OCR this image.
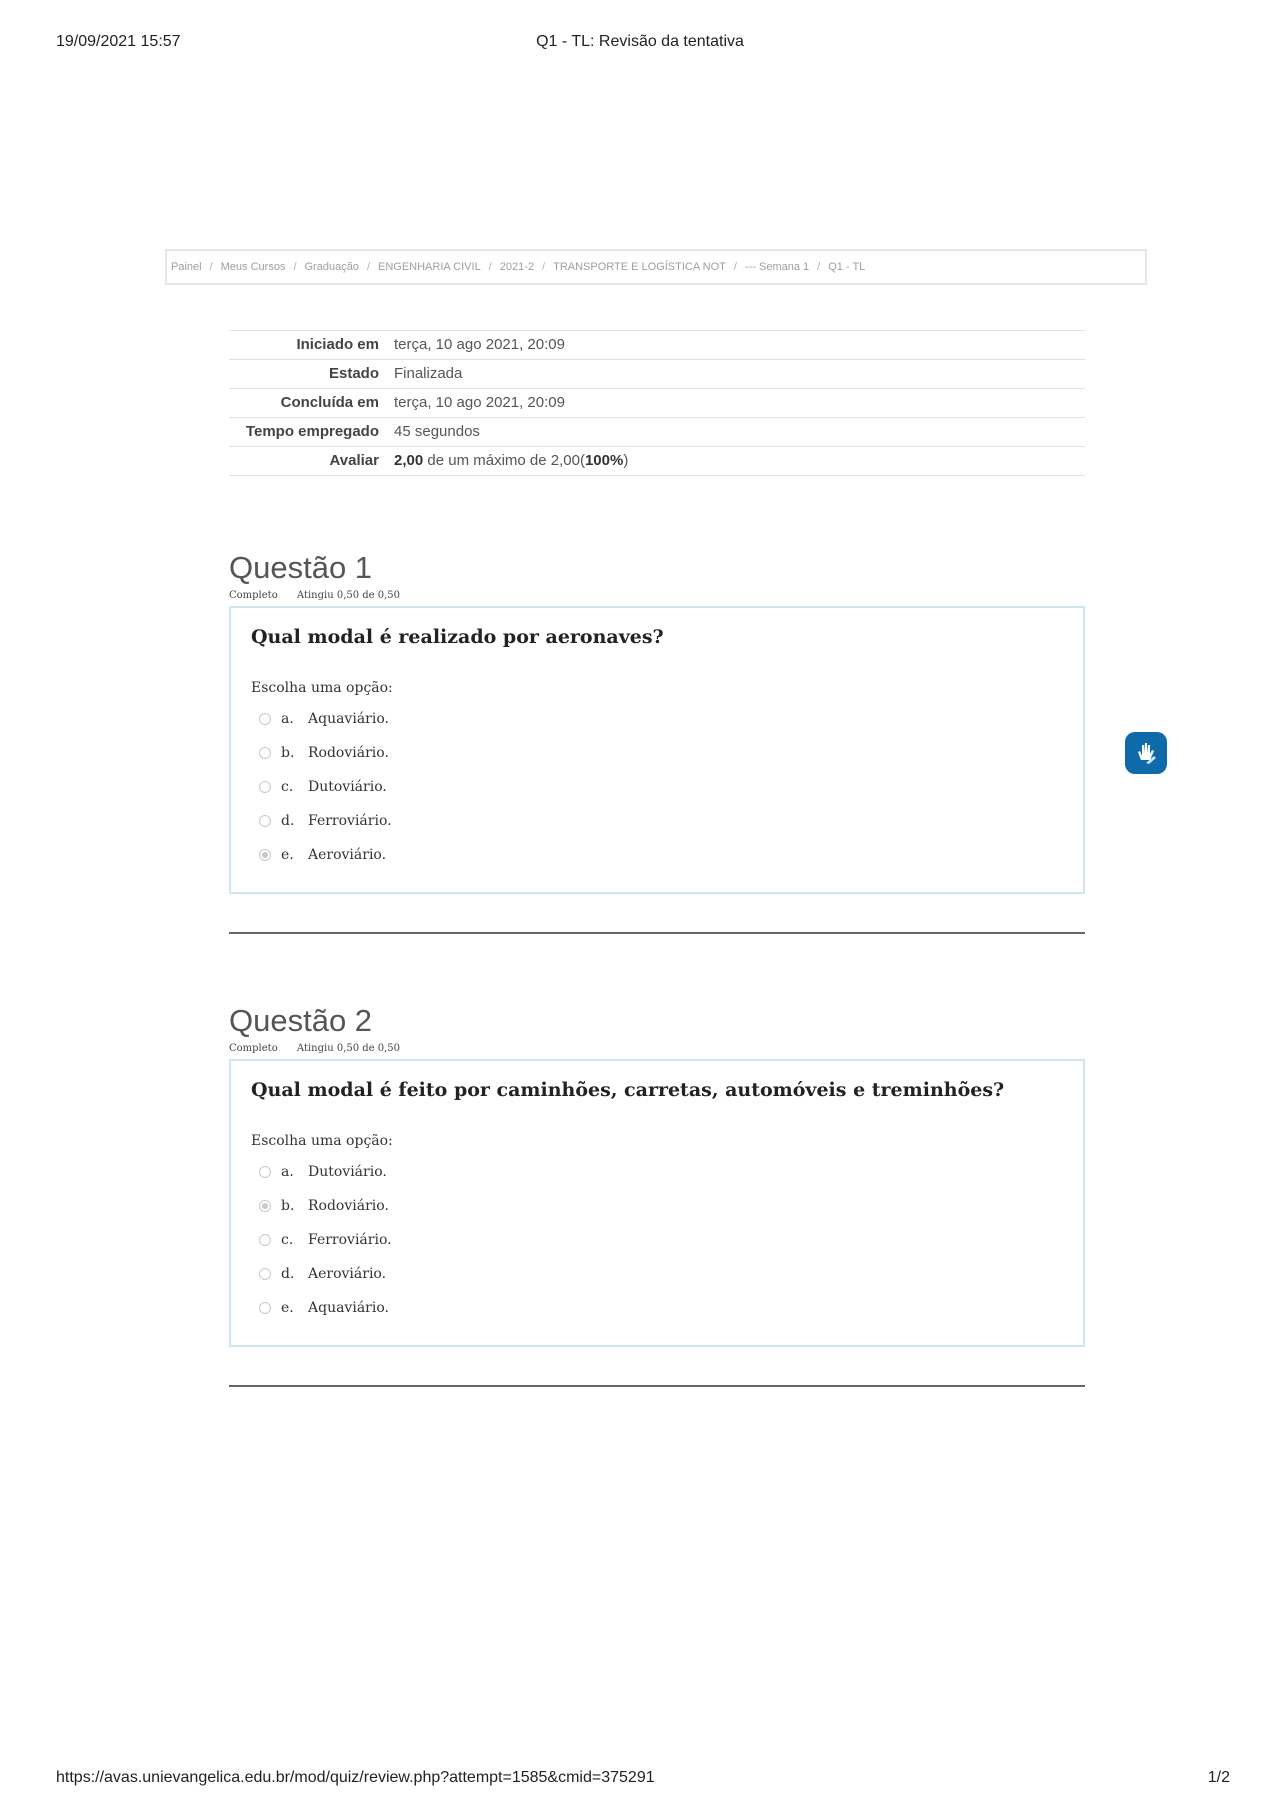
19/09/2021 15:57	Q1 - TL: Revisão da tentativa
Painel / Meus Cursos / Graduação / ENGENHARIA CIVIL / 2021-2 / TRANSPORTE E LOGÍSTICA NOT / --- Semana 1 / Q1 - TL
Iniciado em	terça, 10 ago 2021, 20:09
Estado	Finalizada
Concluída em	terça, 10 ago 2021, 20:09
Tempo empregado	45 segundos
Avaliar	2,00 de um máximo de 2,00(100%)
Questão 1
Completo Atingiu 0,50 de 0,50

Qual modal é realizado por aeronaves?

Escolha uma opção:
a.	Aquaviário.
b. Rodoviário.
c.	Dutoviário.
d. Ferroviário.
e.	Aeroviário.
Questão 2
Completo Atingiu 0,50 de 0,50

Qual modal é feito por caminhões, carretas, automóveis e treminhões?

Escolha uma opção:
a.	Dutoviário.
b. Rodoviário.
c.	Ferroviário.
d. Aeroviário.
e.	Aquaviário.
https://avas.unievangelica.edu.br/mod/quiz/review.php?attempt=1585&cmid=375291	1/2
